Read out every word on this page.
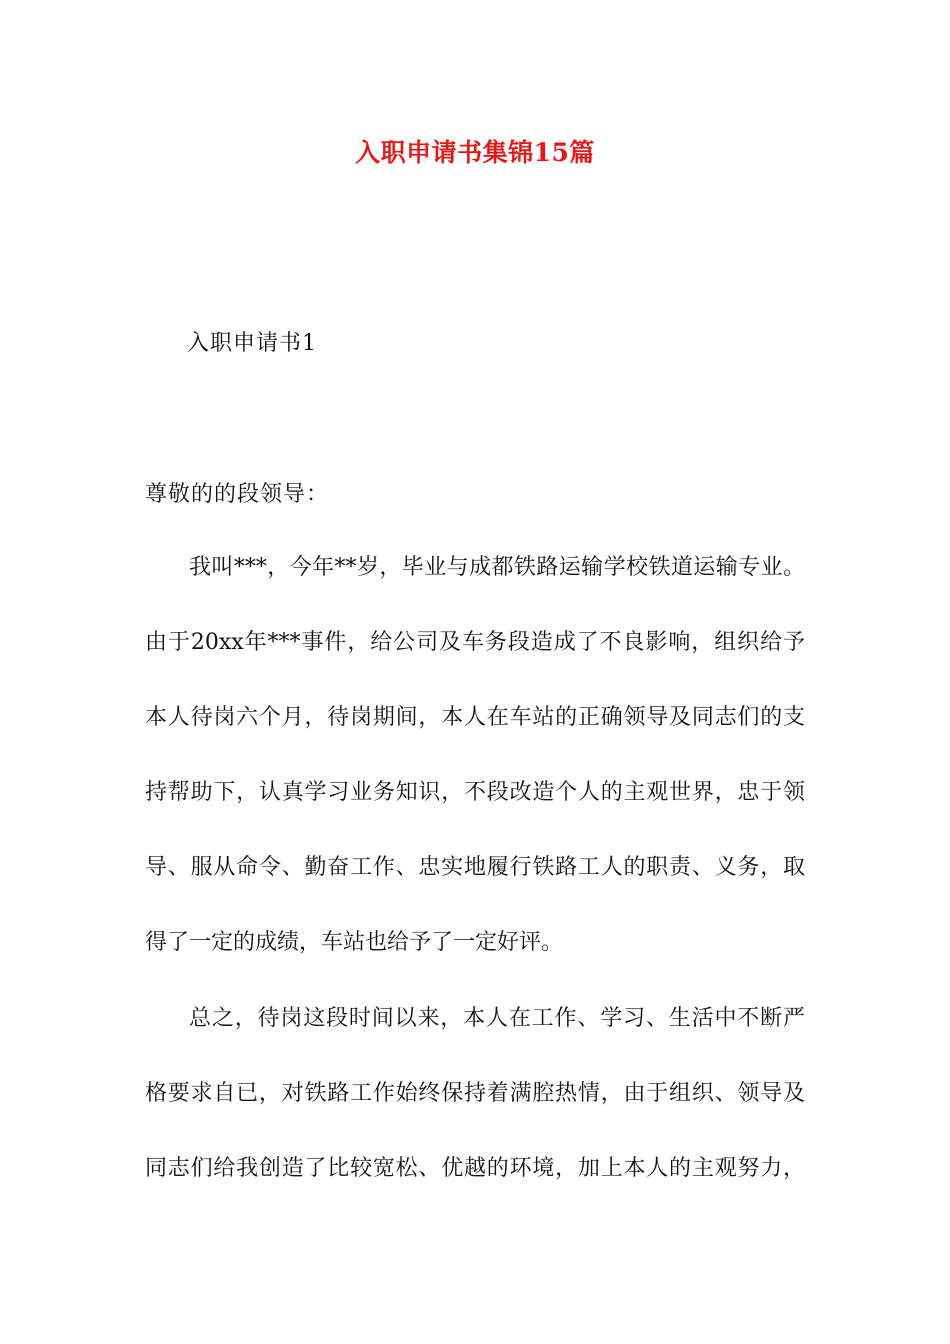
入职申请书集锦15篇
入职申请书1
尊敬的的段领导：
我叫***，今年**岁，毕业与成都铁路运输学校铁道运输专业。
由于20xx年***事件，给公司及车务段造成了不良影响，组织给予
本人待岗六个月，待岗期间，本人在车站的正确领导及同志们的支
持帮助下，认真学习业务知识，不段改造个人的主观世界，忠于领
导、服从命令、勤奋工作、忠实地履行铁路工人的职责、义务，取
得了一定的成绩，车站也给予了一定好评。
总之，待岗这段时间以来，本人在工作、学习、生活中不断严
格要求自已，对铁路工作始终保持着满腔热情，由于组织、领导及
同志们给我创造了比较宽松、优越的环境，加上本人的主观努力，
